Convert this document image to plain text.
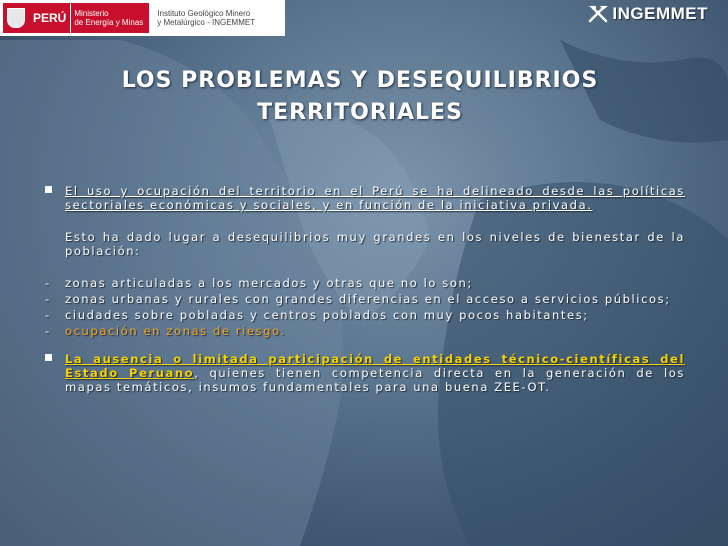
PERÚ	Ministerio
de Energía y Minas
Instituto Geológico Minero
y Metalúrgico - INGEMMET	INGEMMET
LOS PROBLEMAS Y DESEQUILIBRIOS
TERRITORIALES
El uso y ocupación del territorio en el Perú se ha delineado desde las políticas sectoriales económicas y sociales, y en función de la iniciativa privada.
Esto ha dado lugar a desequilibrios muy grandes en los niveles de bienestar de la población:
- zonas articuladas a los mercados y otras que no lo son;
- zonas urbanas y rurales con grandes diferencias en el acceso a servicios públicos;
- ciudades sobre pobladas y centros poblados con muy pocos habitantes;
- ocupación en zonas de riesgo.
La ausencia o limitada participación de entidades técnico-científicas del Estado Peruano, quienes tienen competencia directa en la generación de los mapas temáticos, insumos fundamentales para una buena ZEE-OT.
